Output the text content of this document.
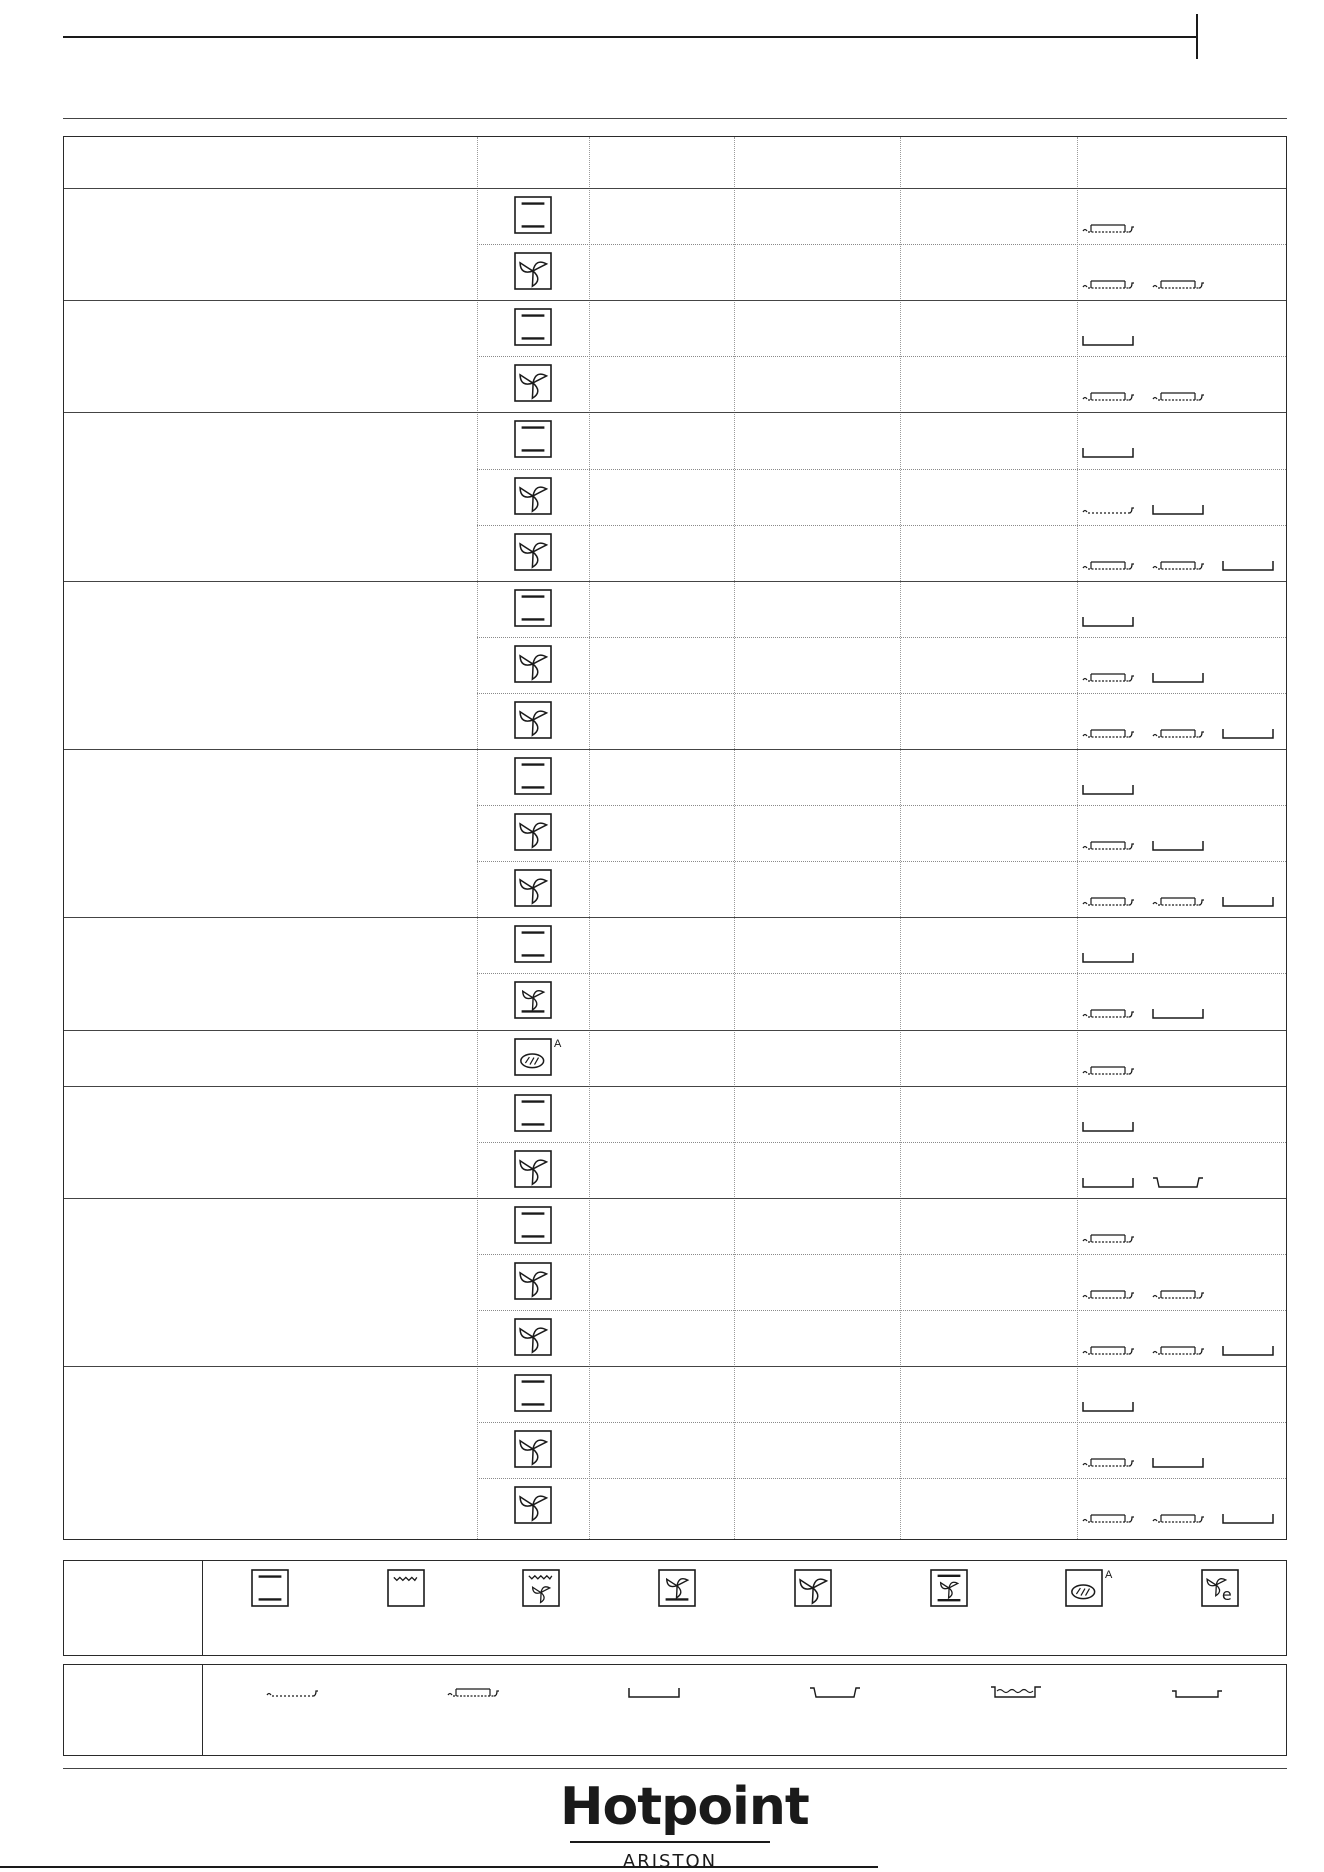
A
A
e
Hotpoint
ARISTON
